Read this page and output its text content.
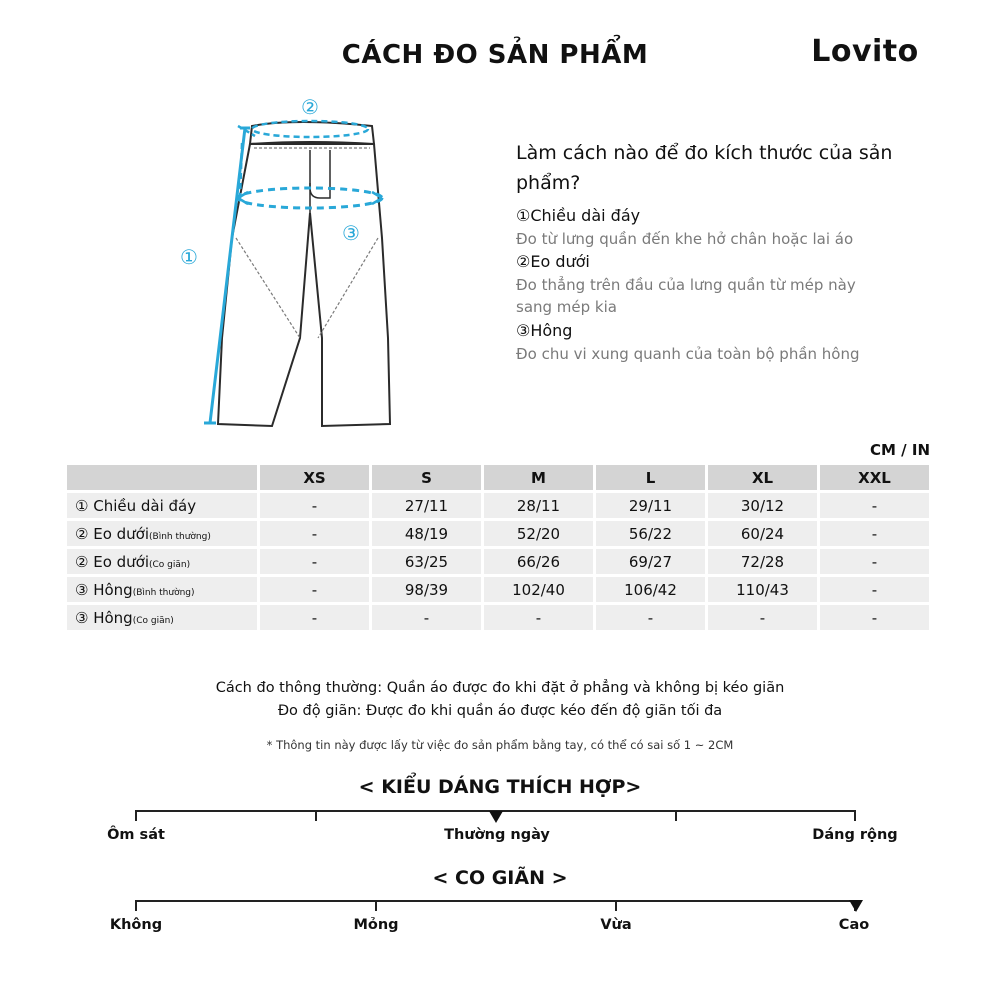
CÁCH ĐO SẢN PHẨM	Lovito
②
③
①
Làm cách nào để đo kích thước của sản phẩm?
①Chiều dài đáy
Đo từ lưng quần đến khe hở chân hoặc lai áo
②Eo dưới
Đo thẳng trên đầu của lưng quần từ mép này sang mép kia
③Hông
Đo chu vi xung quanh của toàn bộ phần hông
CM / IN
	XS	S	M	L	XL	XXL
① Chiều dài đáy	-	27/11	28/11	29/11	30/12	-
② Eo dưới(Bình thường)	-	48/19	52/20	56/22	60/24	-
② Eo dưới(Co giãn)	-	63/25	66/26	69/27	72/28	-
③ Hông(Bình thường)	-	98/39	102/40	106/42	110/43	-
③ Hông(Co giãn)	-	-	-	-	-	-
Cách đo thông thường: Quần áo được đo khi đặt ở phẳng và không bị kéo giãn
Đo độ giãn: Được đo khi quần áo được kéo đến độ giãn tối đa
* Thông tin này được lấy từ việc đo sản phẩm bằng tay, có thể có sai số 1 ~ 2CM
< KIỂU DÁNG THÍCH HỢP>
Ôm sát	Thường ngày	Dáng rộng
< CO GIÃN >
Không	Mỏng	Vừa	Cao
